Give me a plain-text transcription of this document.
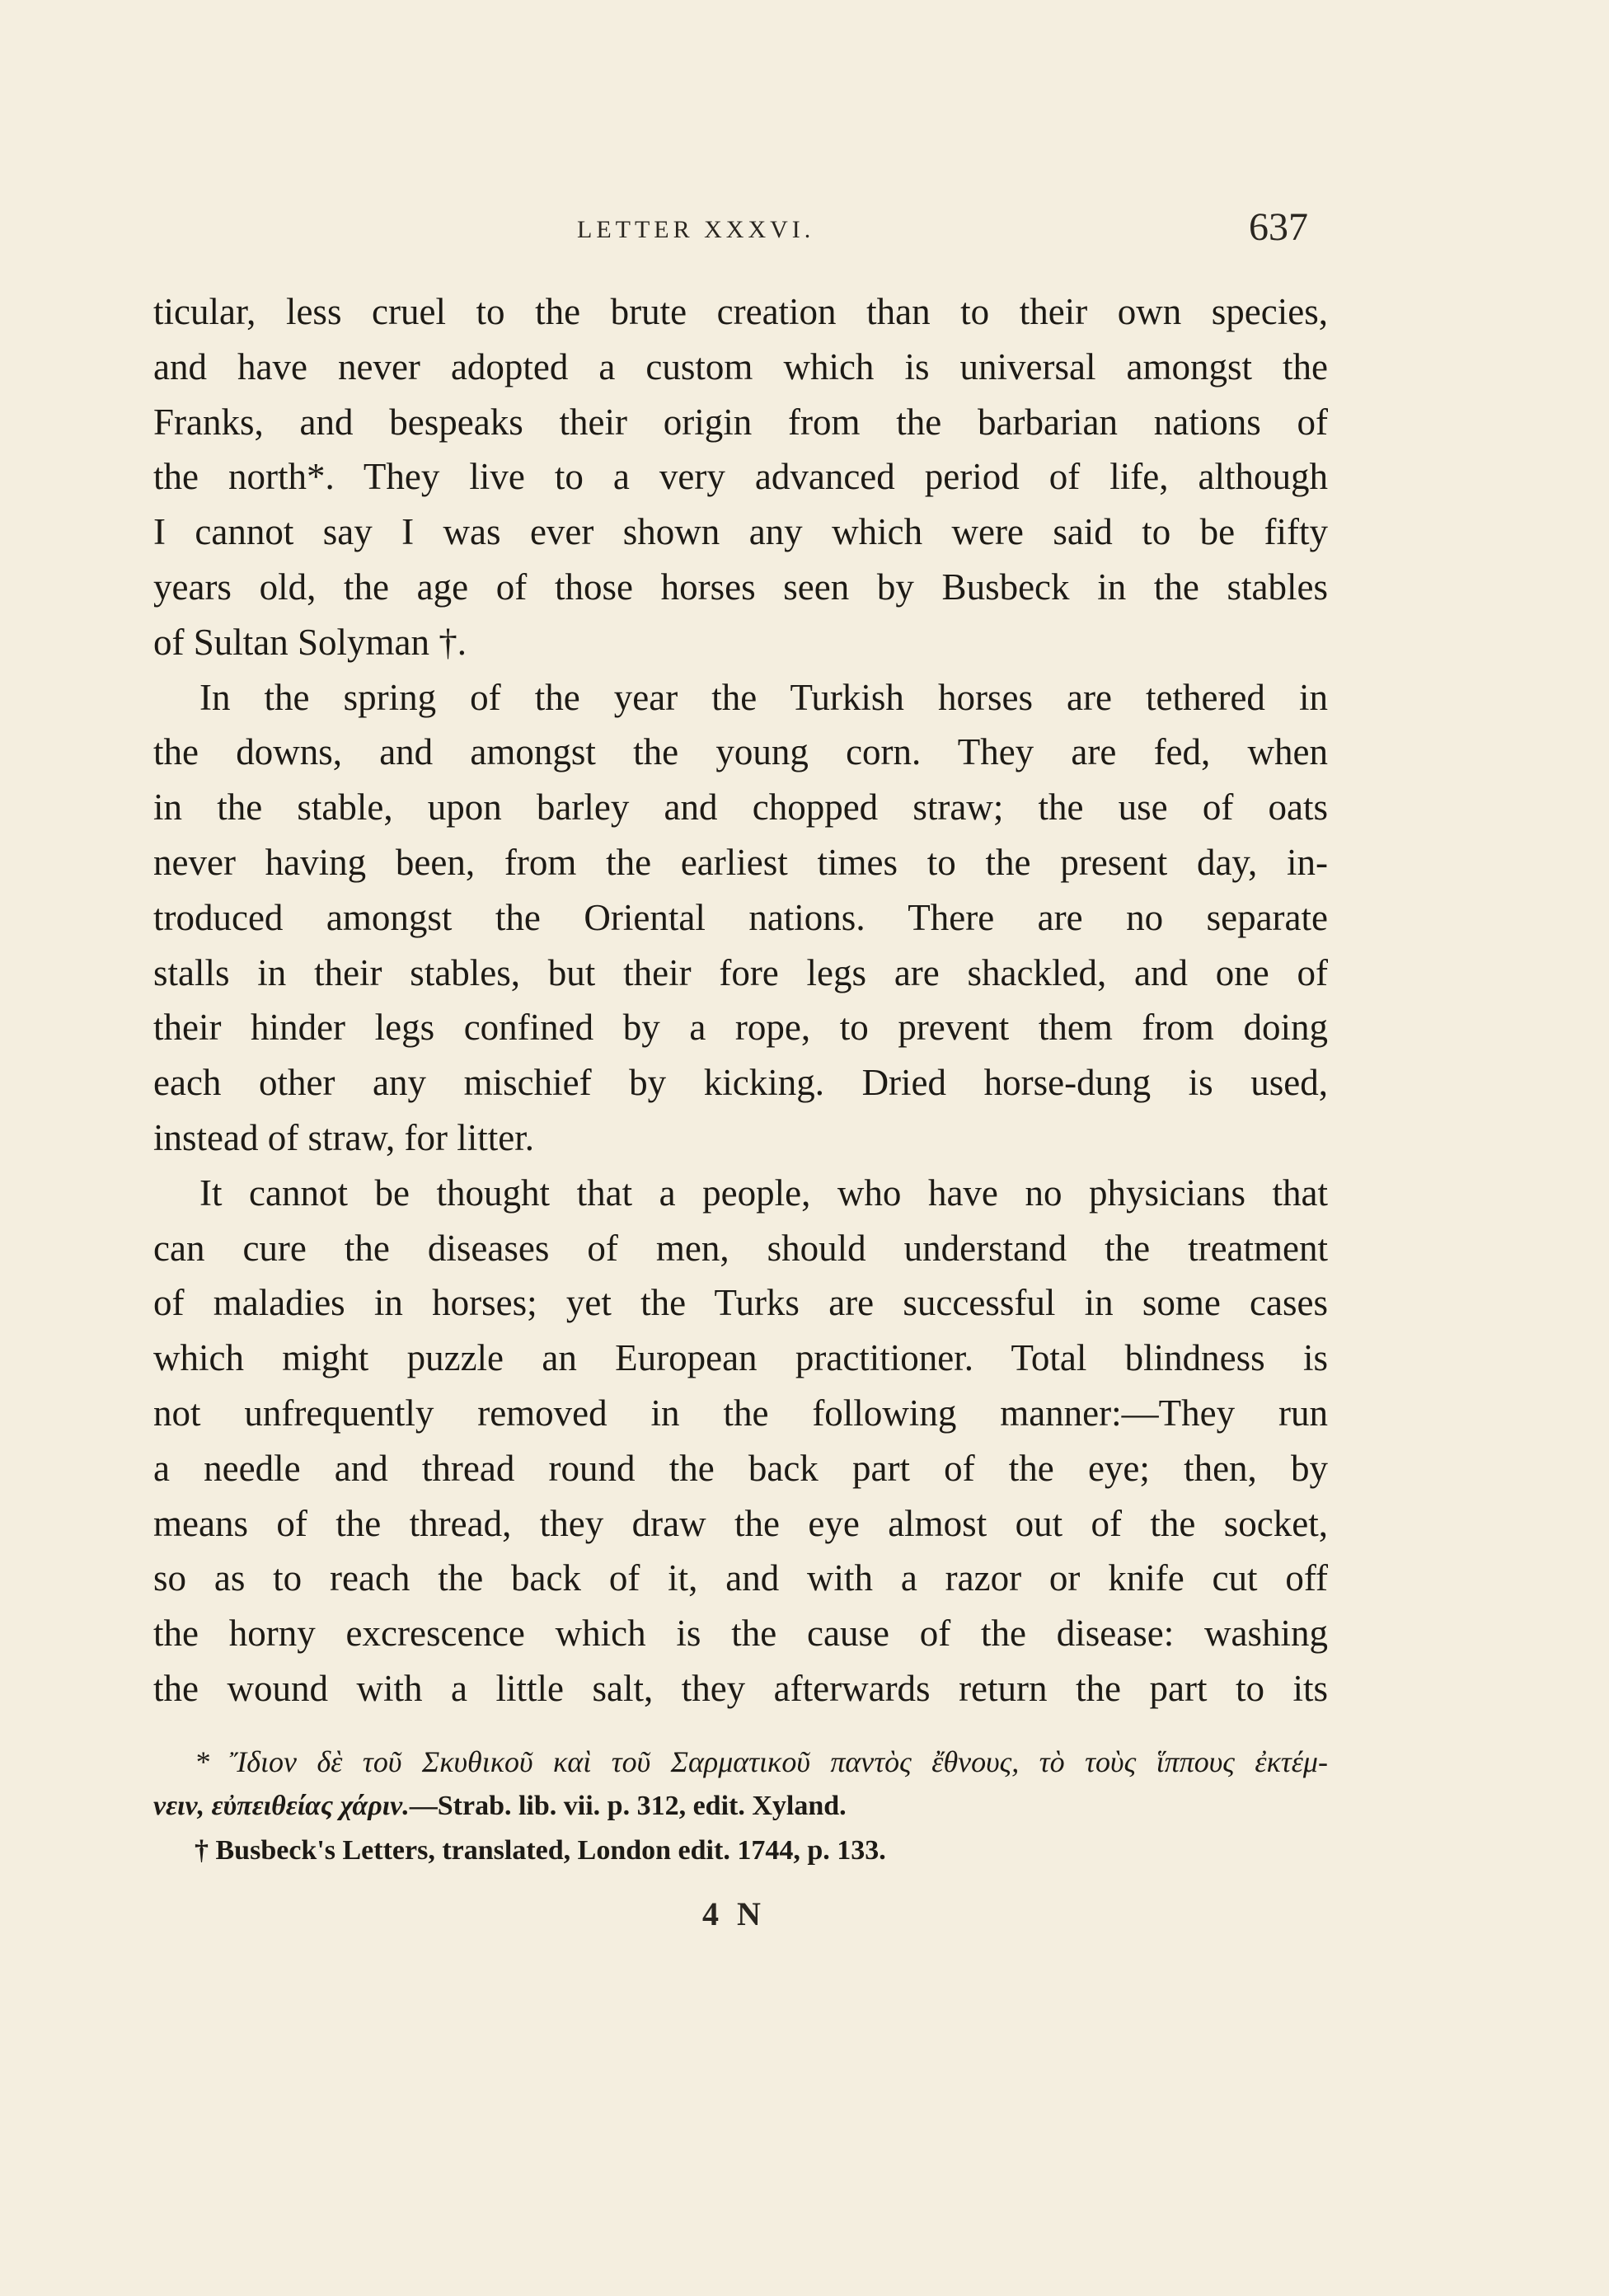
LETTER XXXVI.	637
ticular, less cruel to the brute creation than to their own species,
and have never adopted a custom which is universal amongst the
Franks, and bespeaks their origin from the barbarian nations of
the north*. They live to a very advanced period of life, although
I cannot say I was ever shown any which were said to be fifty
years old, the age of those horses seen by Busbeck in the stables
of Sultan Solyman †.
In the spring of the year the Turkish horses are tethered in
the downs, and amongst the young corn. They are fed, when
in the stable, upon barley and chopped straw; the use of oats
never having been, from the earliest times to the present day, in-
troduced amongst the Oriental nations. There are no separate
stalls in their stables, but their fore legs are shackled, and one of
their hinder legs confined by a rope, to prevent them from doing
each other any mischief by kicking. Dried horse-dung is used,
instead of straw, for litter.
It cannot be thought that a people, who have no physicians that
can cure the diseases of men, should understand the treatment
of maladies in horses; yet the Turks are successful in some cases
which might puzzle an European practitioner. Total blindness is
not unfrequently removed in the following manner:—They run
a needle and thread round the back part of the eye; then, by
means of the thread, they draw the eye almost out of the socket,
so as to reach the back of it, and with a razor or knife cut off
the horny excrescence which is the cause of the disease: washing
the wound with a little salt, they afterwards return the part to its
* Ἴδιον δὲ τοῦ Σκυθικοῦ καὶ τοῦ Σαρματικοῦ παντὸς ἔθνους, τὸ τοὺς ἵππους ἐκτέμ-
νειν, εὐπειθείας χάριν.—Strab. lib. vii. p. 312, edit. Xyland.
† Busbeck's Letters, translated, London edit. 1744, p. 133.
4 N
